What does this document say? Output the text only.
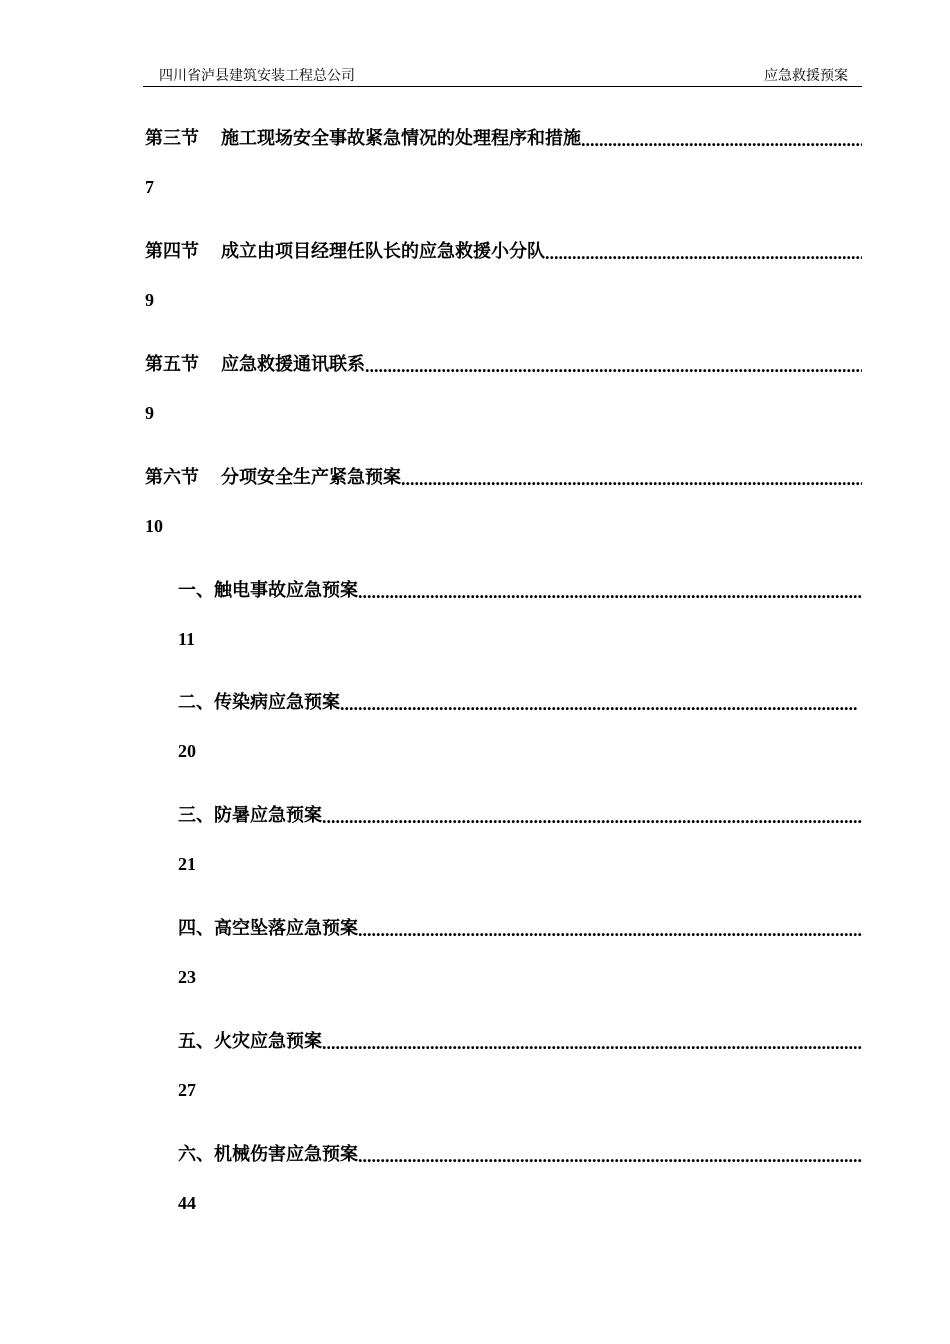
四川省泸县建筑安装工程总公司	应急救援预案
第三节 施工现场安全事故紧急情况的处理程序和措施
.....
7
第四节 成立由项目经理任队长的应急救援小分队
.....
9
第五节 应急救援通讯联系
.....
9
第六节 分项安全生产紧急预案
.....
10
一、触电事故应急预案
.....
11
二、传染病应急预案
.....
20
三、防暑应急预案
.....
21
四、高空坠落应急预案
.....
23
五、火灾应急预案
.....
27
六、机械伤害应急预案
.....
44
